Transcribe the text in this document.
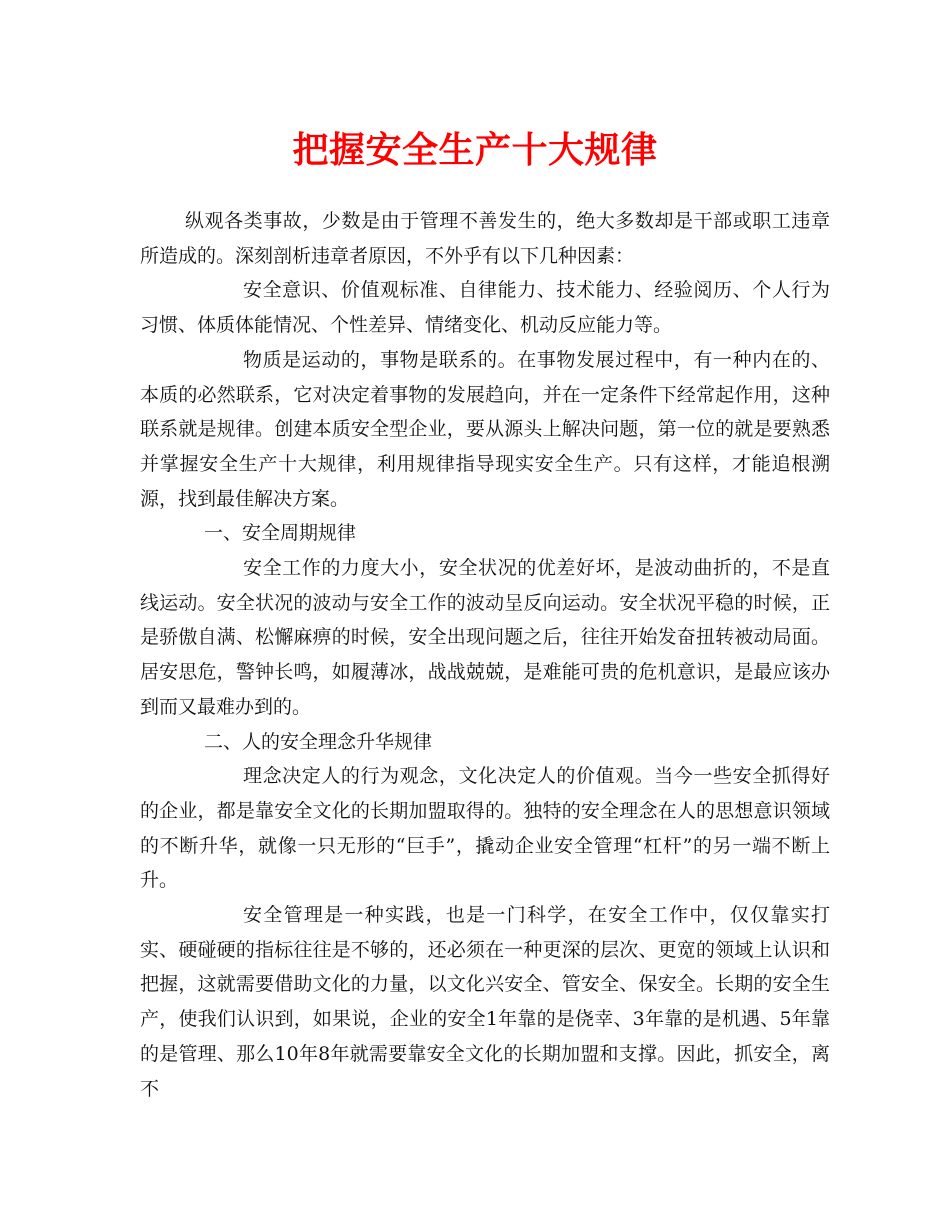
把握安全生产十大规律

纵观各类事故，少数是由于管理不善发生的，绝大多数却是干部或职工违章所造成的。深刻剖析违章者原因，不外乎有以下几种因素：

安全意识、价值观标准、自律能力、技术能力、经验阅历、个人行为习惯、体质体能情况、个性差异、情绪变化、机动反应能力等。

物质是运动的，事物是联系的。在事物发展过程中，有一种内在的、本质的必然联系，它对决定着事物的发展趋向，并在一定条件下经常起作用，这种联系就是规律。创建本质安全型企业，要从源头上解决问题，第一位的就是要熟悉并掌握安全生产十大规律，利用规律指导现实安全生产。只有这样，才能追根溯源，找到最佳解决方案。

一、安全周期规律

安全工作的力度大小，安全状况的优差好坏，是波动曲折的，不是直线运动。安全状况的波动与安全工作的波动呈反向运动。安全状况平稳的时候，正是骄傲自满、松懈麻痹的时候，安全出现问题之后，往往开始发奋扭转被动局面。居安思危，警钟长鸣，如履薄冰，战战兢兢，是难能可贵的危机意识，是最应该办到而又最难办到的。

二、人的安全理念升华规律

理念决定人的行为观念，文化决定人的价值观。当今一些安全抓得好的企业，都是靠安全文化的长期加盟取得的。独特的安全理念在人的思想意识领域的不断升华，就像一只无形的“巨手”，撬动企业安全管理“杠杆”的另一端不断上升。

安全管理是一种实践，也是一门科学，在安全工作中，仅仅靠实打实、硬碰硬的指标往往是不够的，还必须在一种更深的层次、更宽的领域上认识和把握，这就需要借助文化的力量，以文化兴安全、管安全、保安全。长期的安全生产，使我们认识到，如果说，企业的安全1年靠的是侥幸、3年靠的是机遇、5年靠的是管理、那么10年8年就需要靠安全文化的长期加盟和支撑。因此，抓安全，离不
